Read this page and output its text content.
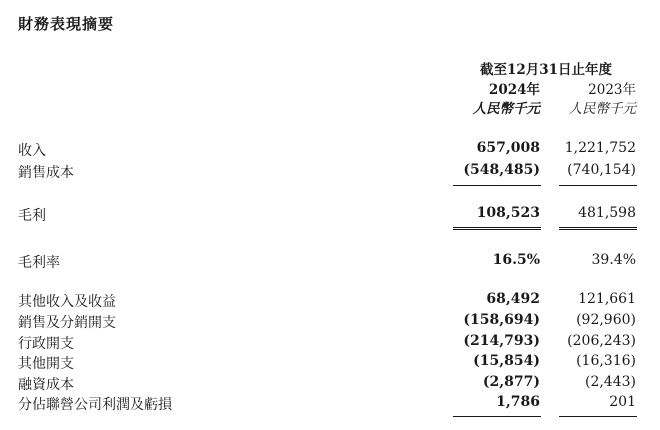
財務表現摘要
截至12月31日止年度
2024年	2023年
人民幣千元	人民幣千元
收入	657,008	1,221,752
銷售成本	(548,485)	(740,154)
毛利	108,523	481,598
毛利率	16.5%	39.4%
其他收入及收益	68,492	121,661
銷售及分銷開支	(158,694)	(92,960)
行政開支	(214,793)	(206,243)
其他開支	(15,854)	(16,316)
融資成本	(2,877)	(2,443)
分佔聯營公司利潤及虧損	1,786	201
